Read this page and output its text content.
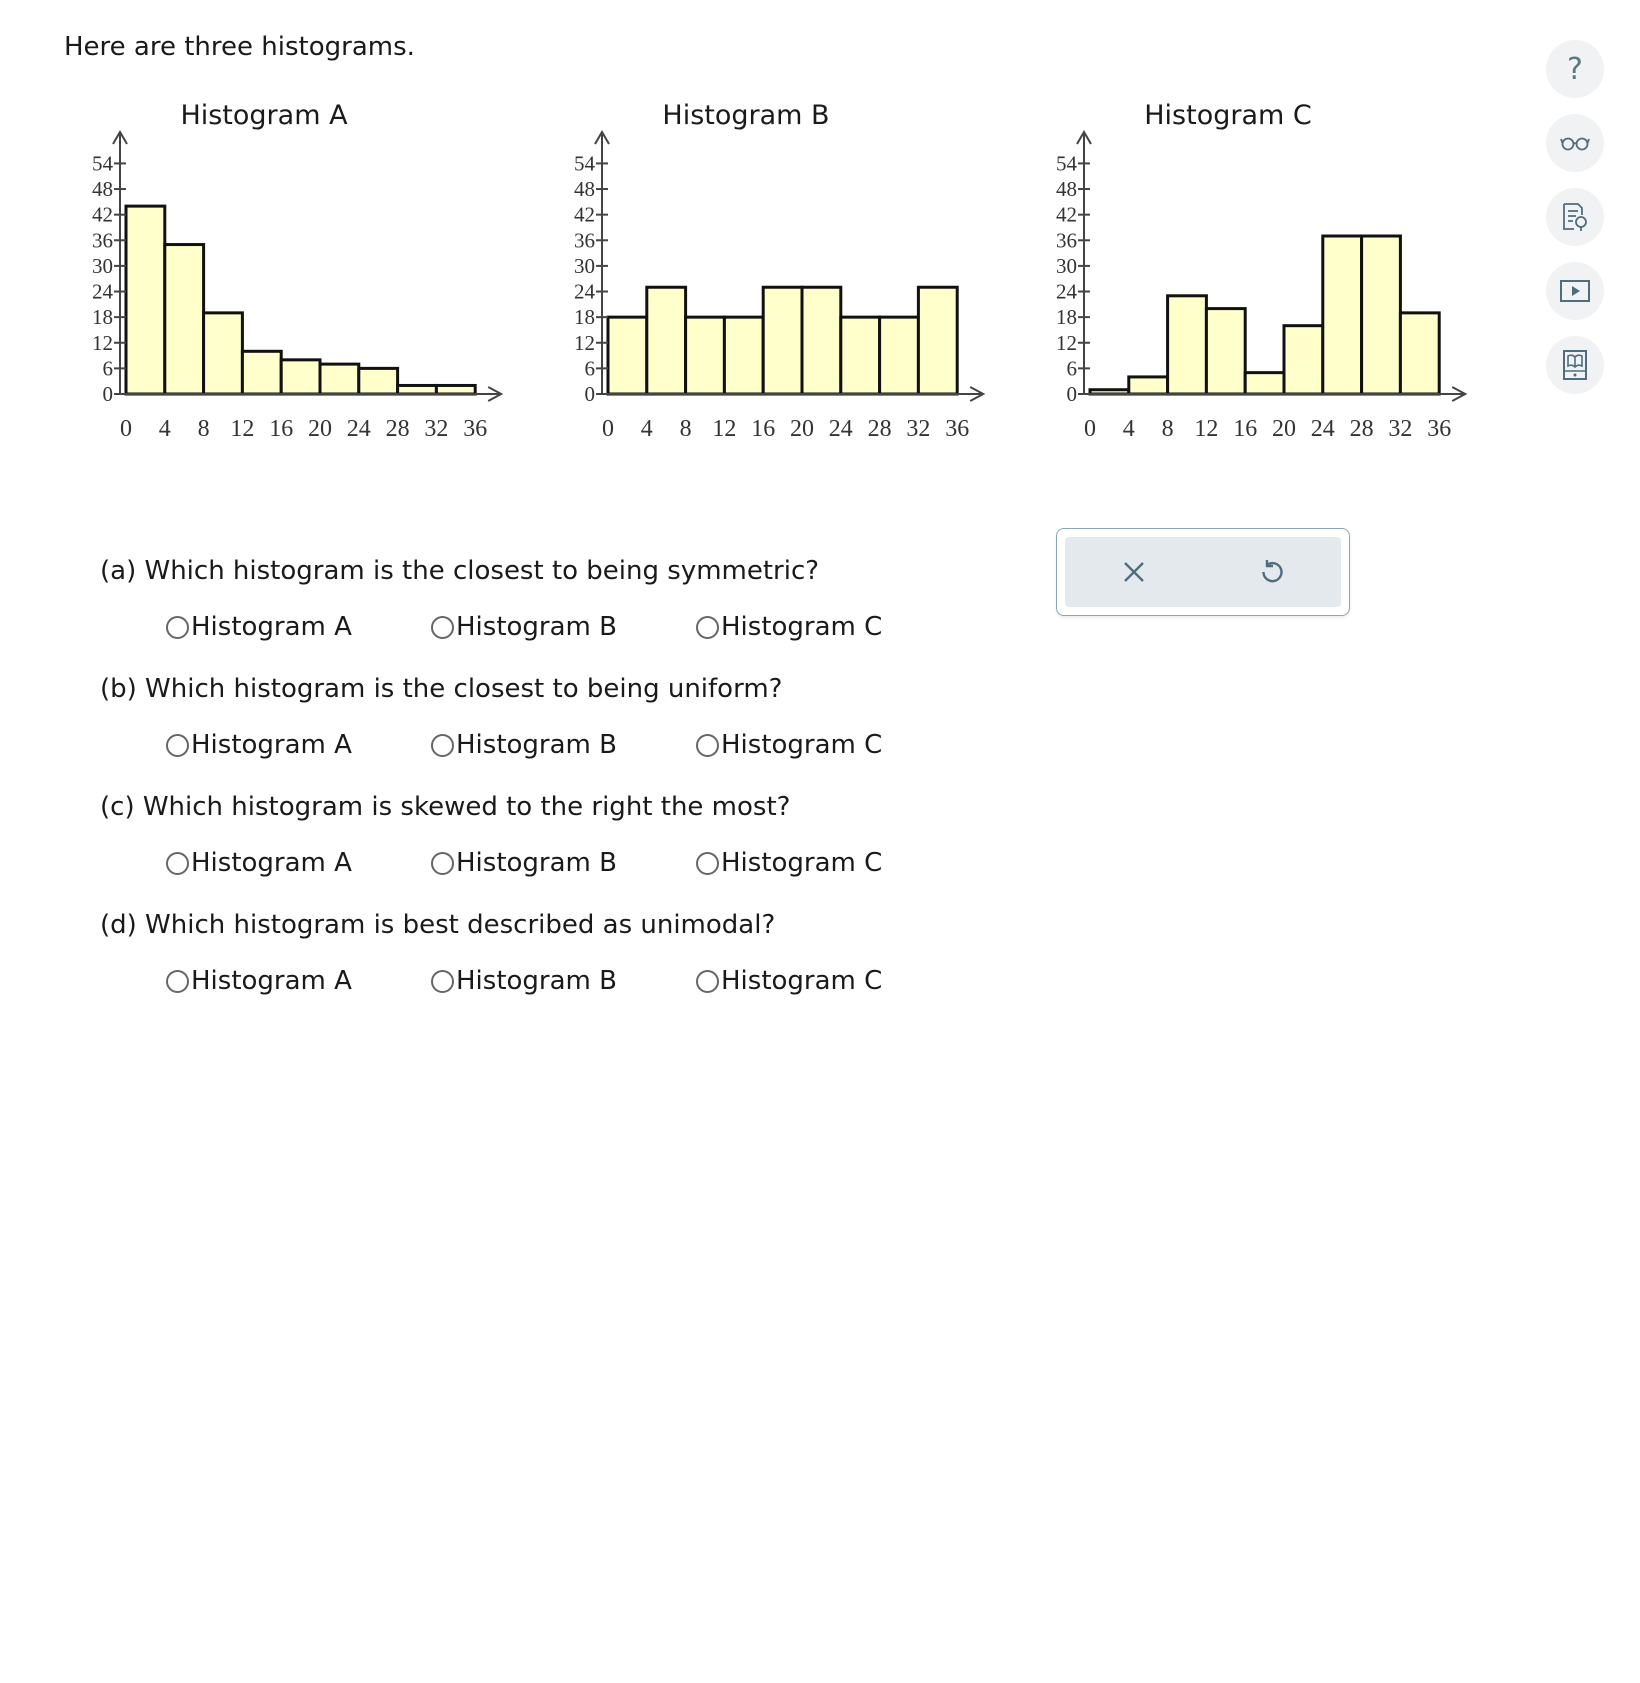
Here are three histograms.
Histogram A
0
6
12
18
24
30
36
42
48
54
0 4 8 12 16 20 24 28 32 36
Histogram B
0
6
12
18
24
30
36
42
48
54
0 4 8 12 16 20 24 28 32 36
Histogram C
0
6
12
18
24
30
36
42
48
54
0 4 8 12 16 20 24 28 32 36
(a) Which histogram is the closest to being symmetric?
Histogram A	Histogram B	Histogram C
(b) Which histogram is the closest to being uniform?
Histogram A	Histogram B	Histogram C
(c) Which histogram is skewed to the right the most?
Histogram A	Histogram B	Histogram C
(d) Which histogram is best described as unimodal?
Histogram A	Histogram B	Histogram C
?
